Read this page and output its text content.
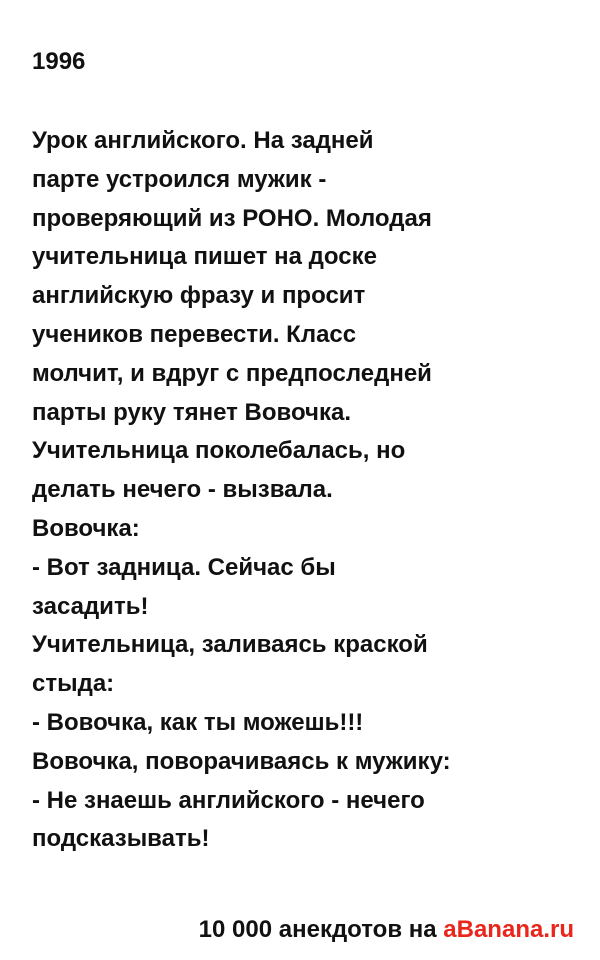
1996
Урок английского. На задней
парте устроился мужик -
проверяющий из РОНО. Молодая
учительница пишет на доске
английскую фразу и просит
учеников перевести. Класс
молчит, и вдруг с предпоследней
парты руку тянет Вовочка.
Учительница поколебалась, но
делать нечего - вызвала.
Вовочка:
- Вот задница. Сейчас бы
засадить!
Учительница, заливаясь краской
стыда:
- Вовочка, как ты можешь!!!
Вовочка, поворачиваясь к мужику:
- Не знаешь английского - нечего
подсказывать!
10 000 анекдотов на aBanana.ru
